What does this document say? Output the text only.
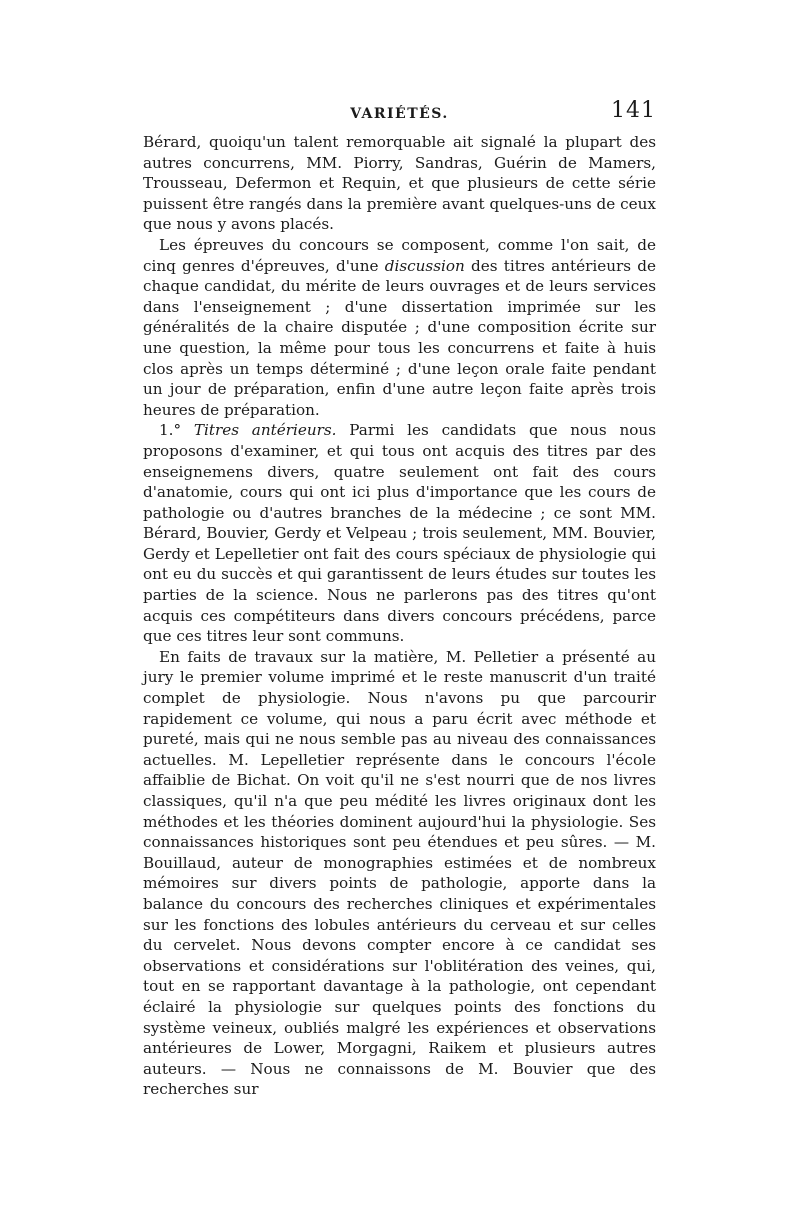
VARIÉTÉS.	141

Bérard, quoiqu'un talent remorquable ait signalé la plupart des autres concurrens, MM. Piorry, Sandras, Guérin de Mamers, Trousseau, Defermon et Requin, et que plusieurs de cette série puissent être rangés dans la première avant quelques-uns de ceux que nous y avons placés.

Les épreuves du concours se composent, comme l'on sait, de cinq genres d'épreuves, d'une discussion des titres antérieurs de chaque candidat, du mérite de leurs ouvrages et de leurs services dans l'enseignement ; d'une dissertation imprimée sur les généralités de la chaire disputée ; d'une composition écrite sur une question, la même pour tous les concurrens et faite à huis clos après un temps déterminé ; d'une leçon orale faite pendant un jour de préparation, enfin d'une autre leçon faite après trois heures de préparation.

1.° Titres antérieurs. Parmi les candidats que nous nous proposons d'examiner, et qui tous ont acquis des titres par des enseignemens divers, quatre seulement ont fait des cours d'anatomie, cours qui ont ici plus d'importance que les cours de pathologie ou d'autres branches de la médecine ; ce sont MM. Bérard, Bouvier, Gerdy et Velpeau ; trois seulement, MM. Bouvier, Gerdy et Lepelletier ont fait des cours spéciaux de physiologie qui ont eu du succès et qui garantissent de leurs études sur toutes les parties de la science. Nous ne parlerons pas des titres qu'ont acquis ces compétiteurs dans divers concours précédens, parce que ces titres leur sont communs.

En faits de travaux sur la matière, M. Pelletier a présenté au jury le premier volume imprimé et le reste manuscrit d'un traité complet de physiologie. Nous n'avons pu que parcourir rapidement ce volume, qui nous a paru écrit avec méthode et pureté, mais qui ne nous semble pas au niveau des connaissances actuelles. M. Lepelletier représente dans le concours l'école affaiblie de Bichat. On voit qu'il ne s'est nourri que de nos livres classiques, qu'il n'a que peu médité les livres originaux dont les méthodes et les théories dominent aujourd'hui la physiologie. Ses connaissances historiques sont peu étendues et peu sûres. — M. Bouillaud, auteur de monographies estimées et de nombreux mémoires sur divers points de pathologie, apporte dans la balance du concours des recherches cliniques et expérimentales sur les fonctions des lobules antérieurs du cerveau et sur celles du cervelet. Nous devons compter encore à ce candidat ses observations et considérations sur l'oblitération des veines, qui, tout en se rapportant davantage à la pathologie, ont cependant éclairé la physiologie sur quelques points des fonctions du système veineux, oubliés malgré les expériences et observations antérieures de Lower, Morgagni, Raikem et plusieurs autres auteurs. — Nous ne connaissons de M. Bouvier que des recherches sur
